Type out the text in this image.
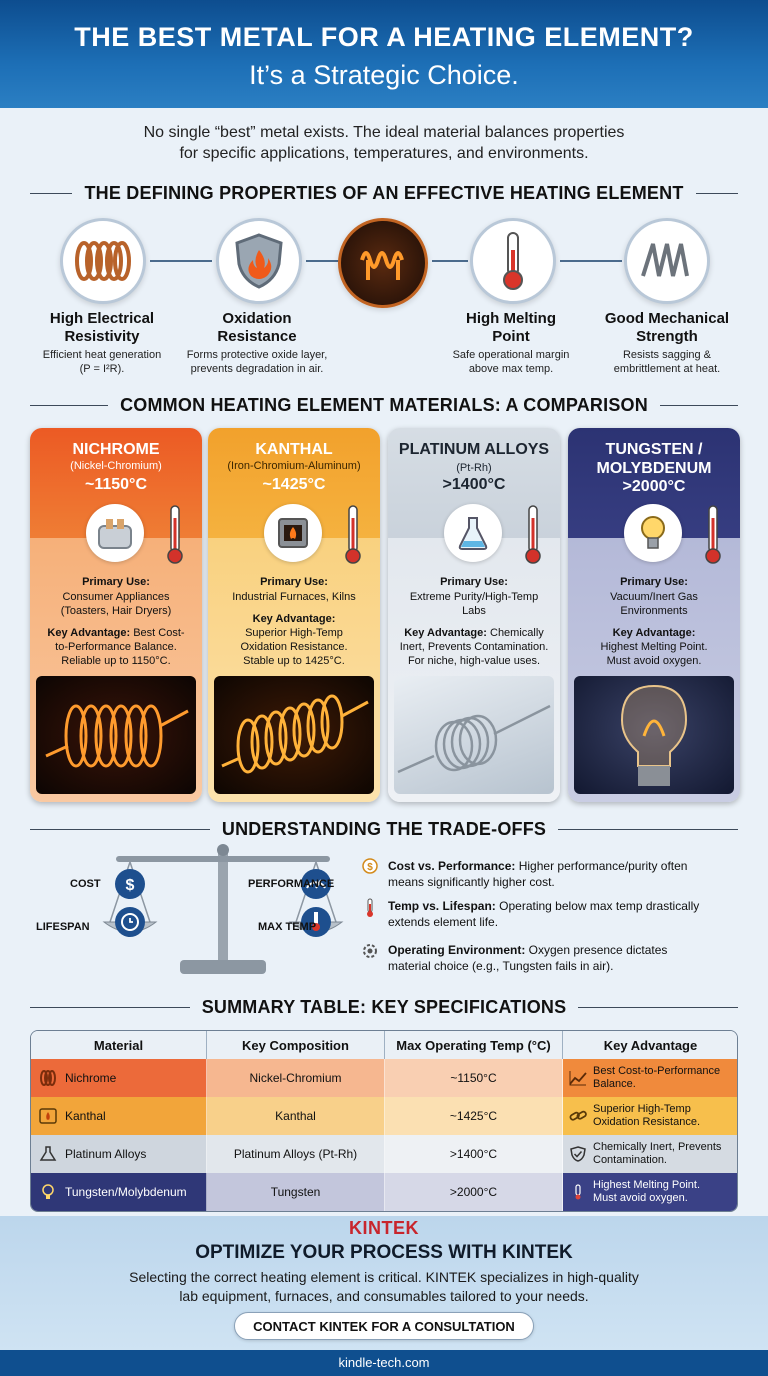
THE BEST METAL FOR A HEATING ELEMENT?
It’s a Strategic Choice.
No single “best” metal exists. The ideal material balances properties
for specific applications, temperatures, and environments.
THE DEFINING PROPERTIES OF AN EFFECTIVE HEATING ELEMENT
High Electrical
Resistivity
Efficient heat generation
(P = I²R).
Oxidation
Resistance
Forms protective oxide layer,
prevents degradation in air.
High Melting
Point
Safe operational margin
above max temp.
Good Mechanical
Strength
Resists sagging &
embrittlement at heat.
COMMON HEATING ELEMENT MATERIALS: A COMPARISON
NICHROME
(Nickel-Chromium)
~1150°C
Primary Use:
Consumer Appliances
(Toasters, Hair Dryers)
Key Advantage: Best Cost-
to-Performance Balance.
Reliable up to 1150°C.
KANTHAL
(Iron-Chromium-Aluminum)
~1425°C
Primary Use:
Industrial Furnaces, Kilns

Key Advantage:
Superior High-Temp
Oxidation Resistance.
Stable up to 1425°C.
PLATINUM ALLOYS
(Pt-Rh)
>1400°C
Primary Use:
Extreme Purity/High-Temp
Labs
Key Advantage: Chemically
Inert, Prevents Contamination.
For niche, high-value uses.
TUNGSTEN /
MOLYBDENUM
>2000°C
Primary Use:
Vacuum/Inert Gas
Environments
Key Advantage:
Highest Melting Point.
Must avoid oxygen.
UNDERSTANDING THE TRADE-OFFS
$
COST
LIFESPAN
PERFORMANCE
MAX TEMP
$ Cost vs. Performance: Higher performance/purity often
means significantly higher cost.
Temp vs. Lifespan: Operating below max temp drastically
extends element life.
Operating Environment: Oxygen presence dictates
material choice (e.g., Tungsten fails in air).
SUMMARY TABLE: KEY SPECIFICATIONS
Material	Key Composition	Max Operating Temp (°C)	Key Advantage
Nichrome	Nickel-Chromium	~1150°C	Best Cost-to-Performance
Balance.
Kanthal	Kanthal	~1425°C	Superior High-Temp
Oxidation Resistance.
Platinum Alloys	Platinum Alloys (Pt-Rh)	>1400°C	Chemically Inert, Prevents
Contamination.
Tungsten/Molybdenum	Tungsten	>2000°C	Highest Melting Point.
Must avoid oxygen.
KINTEK
OPTIMIZE YOUR PROCESS WITH KINTEK
Selecting the correct heating element is critical. KINTEK specializes in high-quality
lab equipment, furnaces, and consumables tailored to your needs.
CONTACT KINTEK FOR A CONSULTATION
kindle-tech.com
